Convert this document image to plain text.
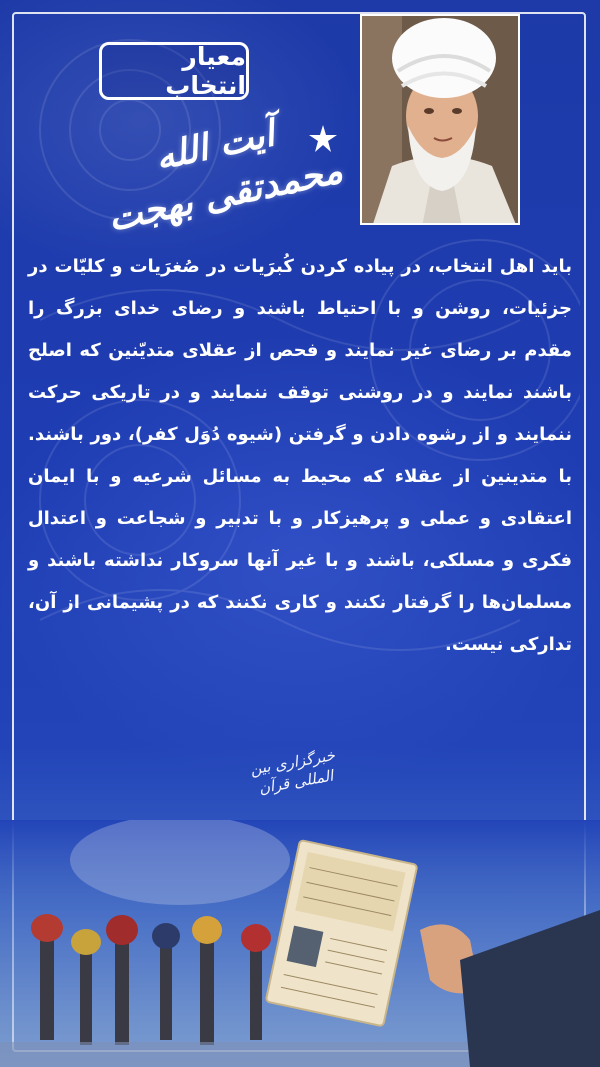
معیار انتخاب
آیت الله محمدتقی بهجت
باید اهل انتخاب، در پیاده کردن کُبرَیات در صُغرَیات و کلیّات در جزئیات، روشن و با احتیاط باشند و رضای خدای بزرگ را مقدم بر رضای غیر نمایند و فحص از عقلای متدیّنین که اصلح باشند نمایند و در روشنی توقف ننمایند و در تاریکی حرکت ننمایند و از رشوه دادن و گرفتن (شیوه دُوَل کفر)، دور باشند. با متدینین از عقلاء که محیط به مسائل شرعیه و با ایمان اعتقادی و عملی و پرهیزکار و با تدبیر و شجاعت و اعتدال فکری و مسلکی، باشند و با غیر آنها سروکار نداشته باشند و مسلمان‌ها را گرفتار نکنند و کاری نکنند که در پشیمانی از آن، تدارکی نیست.
خبرگزاری بین المللی قرآن
